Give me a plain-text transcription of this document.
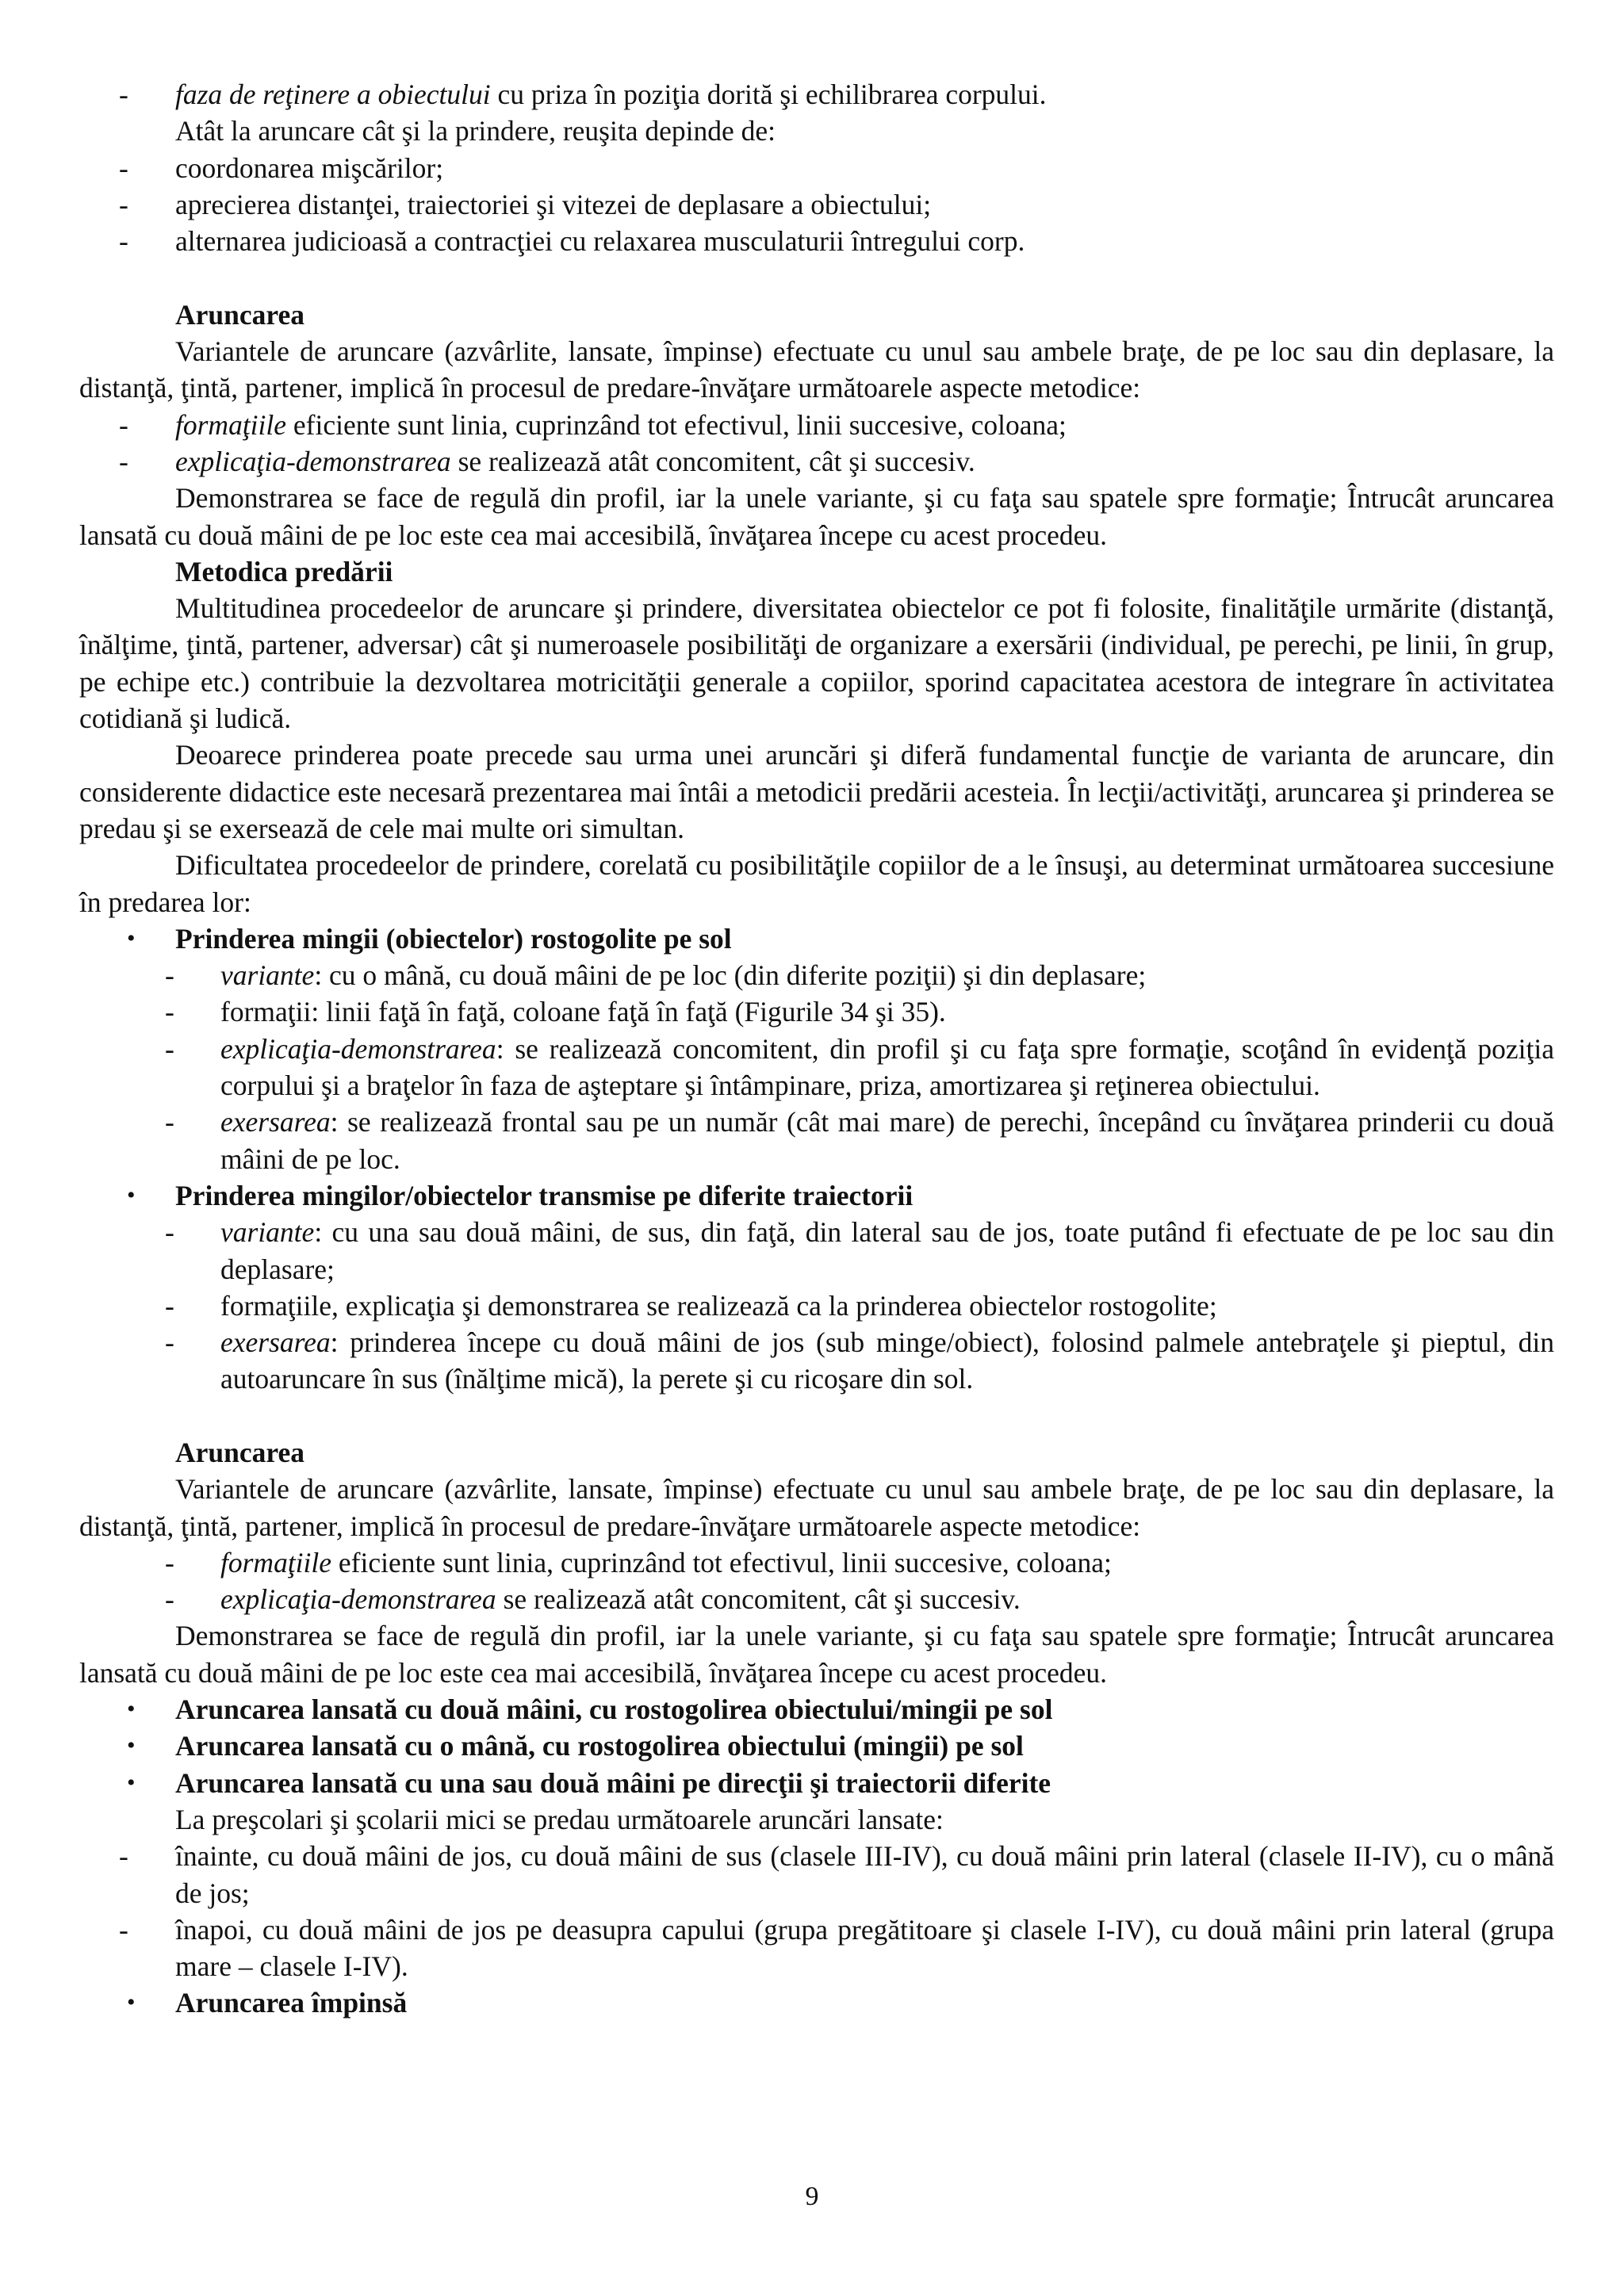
- faza de reţinere a obiectului cu priza în poziţia dorită şi echilibrarea corpului.
Atât la aruncare cât şi la prindere, reuşita depinde de:
- coordonarea mişcărilor;
- aprecierea distanţei, traiectoriei şi vitezei de deplasare a obiectului;
- alternarea judicioasă a contracţiei cu relaxarea musculaturii întregului corp.
Aruncarea
Variantele de aruncare (azvârlite, lansate, împinse) efectuate cu unul sau ambele braţe, de pe loc sau din deplasare, la distanţă, ţintă, partener, implică în procesul de predare-învăţare următoarele aspecte metodice:
- formaţiile eficiente sunt linia, cuprinzând tot efectivul, linii succesive, coloana;
- explicaţia-demonstrarea se realizează atât concomitent, cât şi succesiv.
Demonstrarea se face de regulă din profil, iar la unele variante, şi cu faţa sau spatele spre formaţie; Întrucât aruncarea lansată cu două mâini de pe loc este cea mai accesibilă, învăţarea începe cu acest procedeu.
Metodica predării
Multitudinea procedeelor de aruncare şi prindere, diversitatea obiectelor ce pot fi folosite, finalităţile urmărite (distanţă, înălţime, ţintă, partener, adversar) cât şi numeroasele posibilităţi de organizare a exersării (individual, pe perechi, pe linii, în grup, pe echipe etc.) contribuie la dezvoltarea motricităţii generale a copiilor, sporind capacitatea acestora de integrare în activitatea cotidiană şi ludică.
Deoarece prinderea poate precede sau urma unei aruncări şi diferă fundamental funcţie de varianta de aruncare, din considerente didactice este necesară prezentarea mai întâi a metodicii predării acesteia. În lecţii/activităţi, aruncarea şi prinderea se predau şi se exersează de cele mai multe ori simultan.
Dificultatea procedeelor de prindere, corelată cu posibilităţile copiilor de a le însuşi, au determinat următoarea succesiune în predarea lor:
• Prinderea mingii (obiectelor) rostogolite pe sol
- variante: cu o mână, cu două mâini de pe loc (din diferite poziţii) şi din deplasare;
- formaţii: linii faţă în faţă, coloane faţă în faţă (Figurile 34 şi 35).
- explicaţia-demonstrarea: se realizează concomitent, din profil şi cu faţa spre formaţie, scoţând în evidenţă poziţia corpului şi a braţelor în faza de aşteptare şi întâmpinare, priza, amortizarea şi reţinerea obiectului.
- exersarea: se realizează frontal sau pe un număr (cât mai mare) de perechi, începând cu învăţarea prinderii cu două mâini de pe loc.
• Prinderea mingilor/obiectelor transmise pe diferite traiectorii
- variante: cu una sau două mâini, de sus, din faţă, din lateral sau de jos, toate putând fi efectuate de pe loc sau din deplasare;
- formaţiile, explicaţia şi demonstrarea se realizează ca la prinderea obiectelor rostogolite;
- exersarea: prinderea începe cu două mâini de jos (sub minge/obiect), folosind palmele antebraţele şi pieptul, din autoaruncare în sus (înălţime mică), la perete şi cu ricoşare din sol.
Aruncarea
Variantele de aruncare (azvârlite, lansate, împinse) efectuate cu unul sau ambele braţe, de pe loc sau din deplasare, la distanţă, ţintă, partener, implică în procesul de predare-învăţare următoarele aspecte metodice:
- formaţiile eficiente sunt linia, cuprinzând tot efectivul, linii succesive, coloana;
- explicaţia-demonstrarea se realizează atât concomitent, cât şi succesiv.
Demonstrarea se face de regulă din profil, iar la unele variante, şi cu faţa sau spatele spre formaţie; Întrucât aruncarea lansată cu două mâini de pe loc este cea mai accesibilă, învăţarea începe cu acest procedeu.
• Aruncarea lansată cu două mâini, cu rostogolirea obiectului/mingii pe sol
• Aruncarea lansată cu o mână, cu rostogolirea obiectului (mingii) pe sol
• Aruncarea lansată cu una sau două mâini pe direcţii şi traiectorii diferite
La preşcolari şi şcolarii mici se predau următoarele aruncări lansate:
- înainte, cu două mâini de jos, cu două mâini de sus (clasele III-IV), cu două mâini prin lateral (clasele II-IV), cu o mână de jos;
- înapoi, cu două mâini de jos pe deasupra capului (grupa pregătitoare şi clasele I-IV), cu două mâini prin lateral (grupa mare – clasele I-IV).
• Aruncarea împinsă
9
